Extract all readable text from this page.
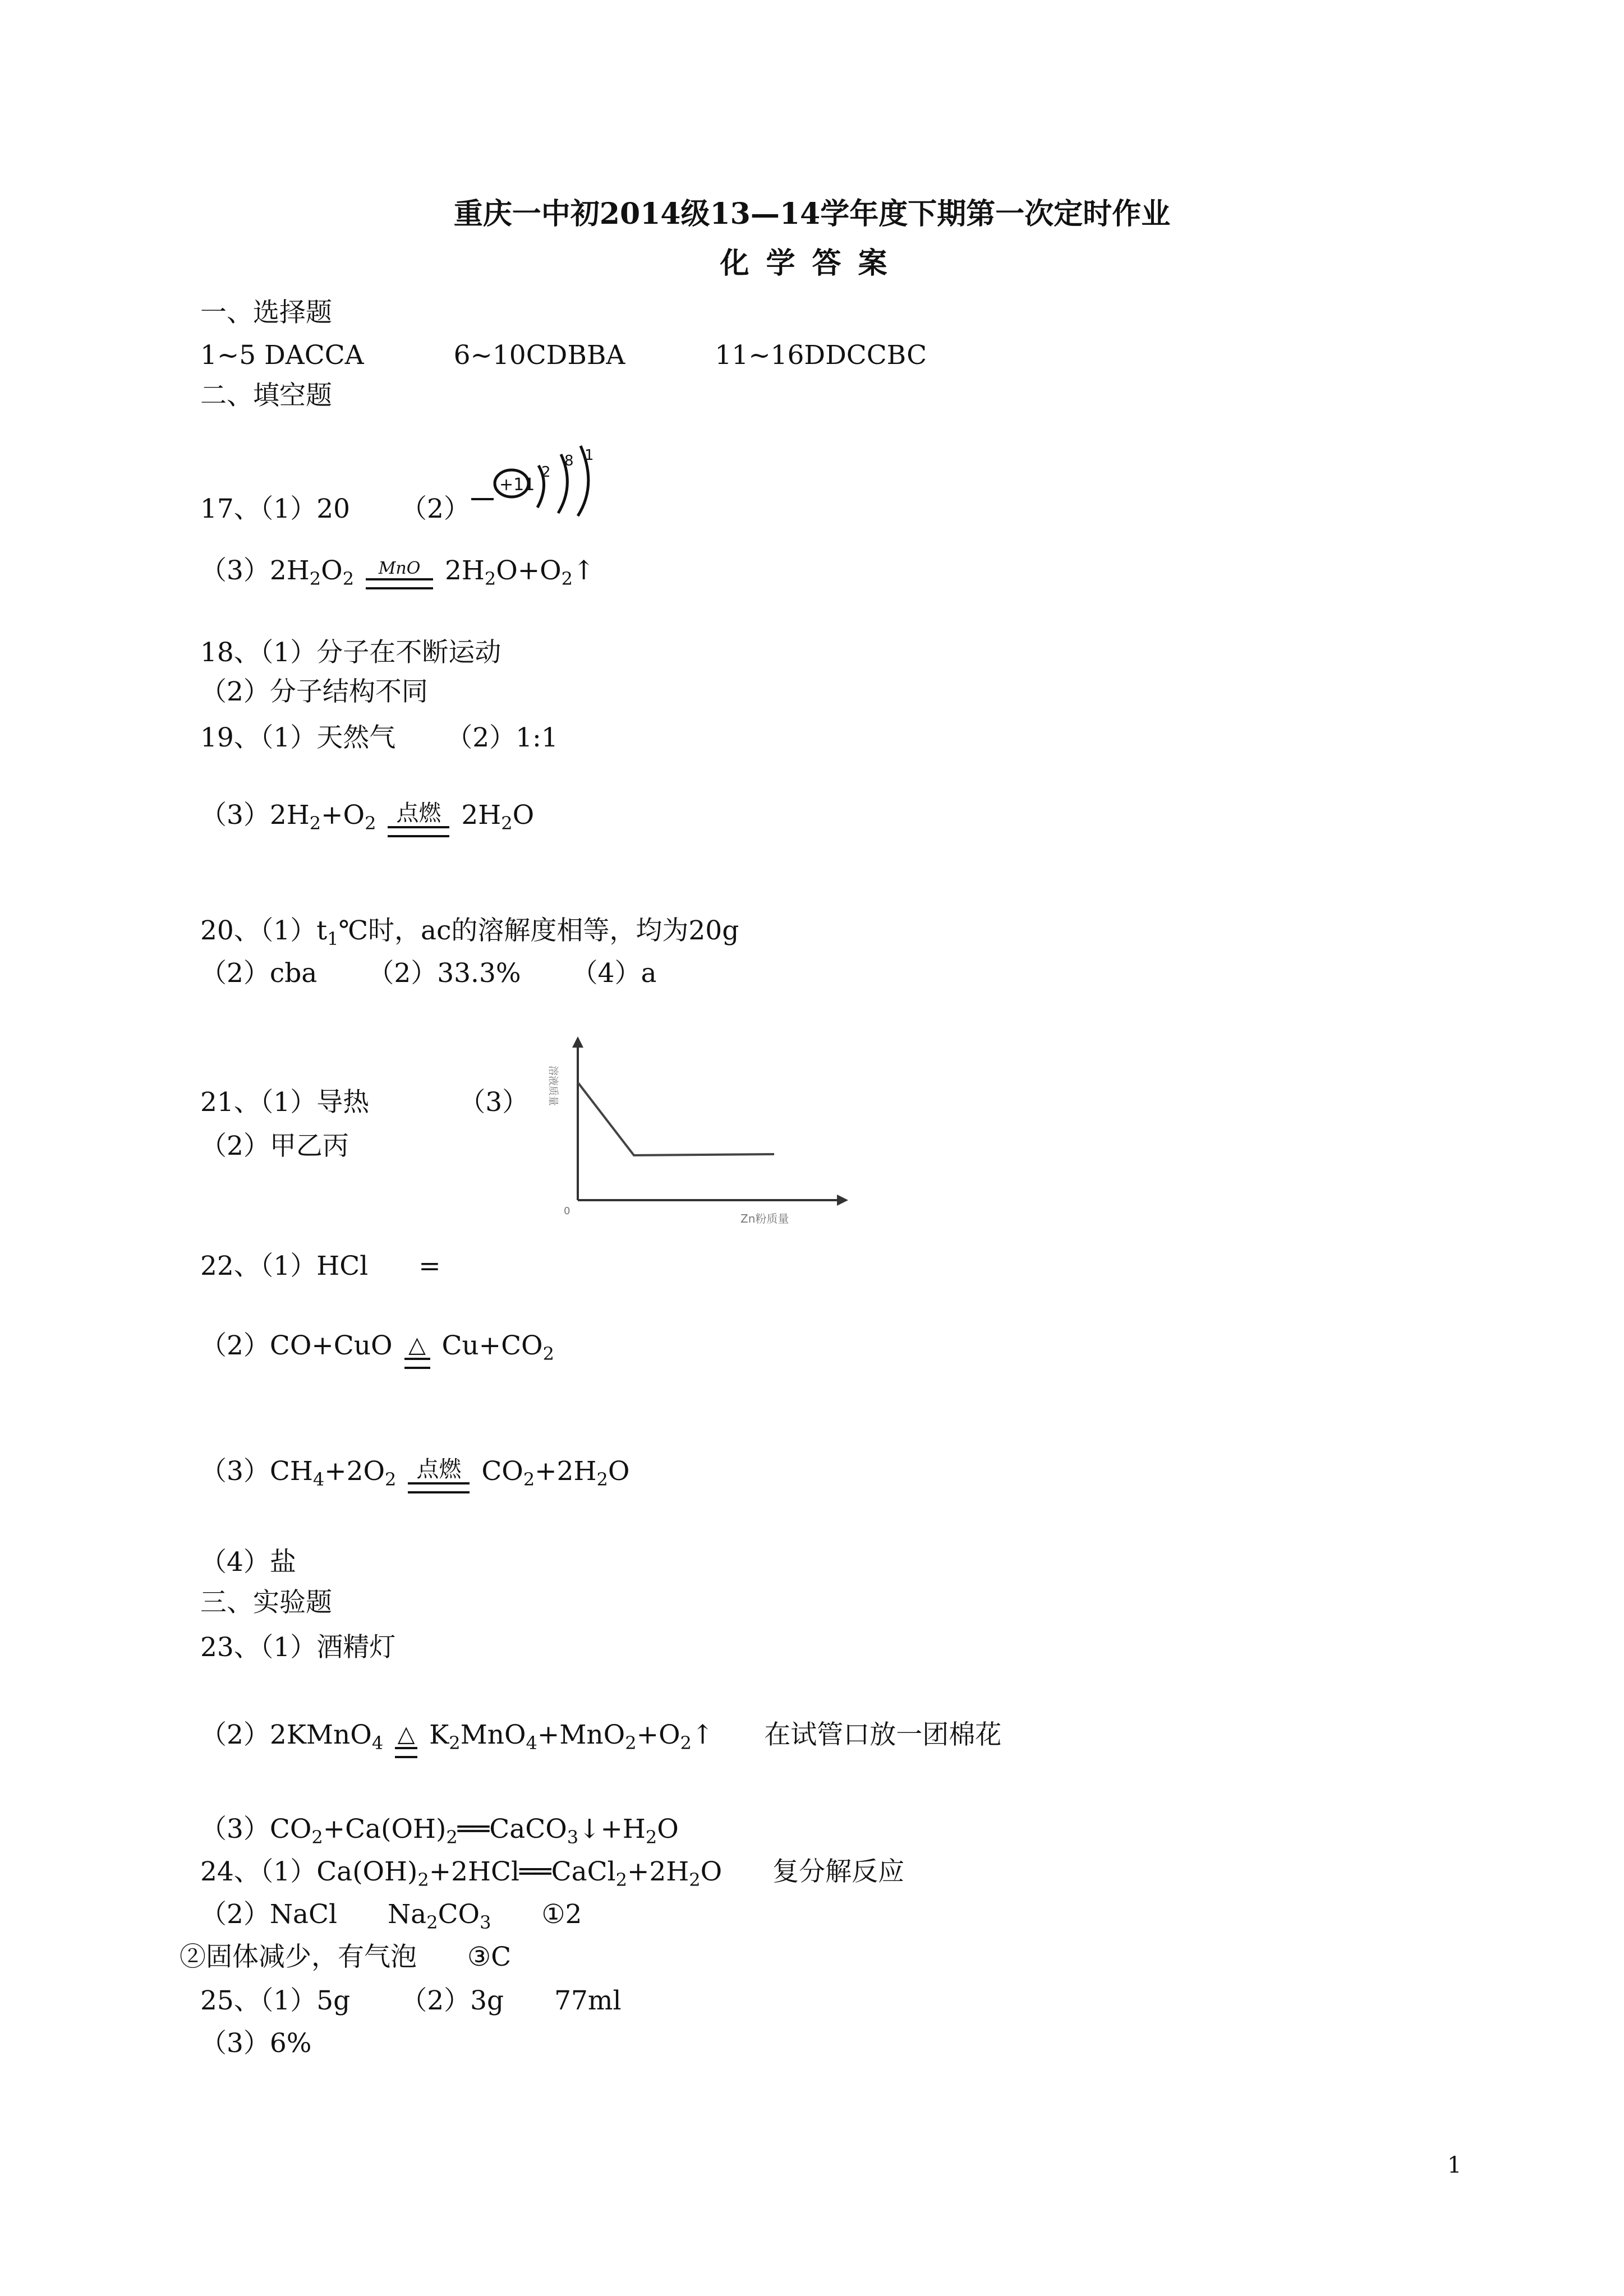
重庆一中初2014级13—14学年度下期第一次定时作业
化学答案
一、选择题
1~5 DACCA	6~10CDBBA	11~16DDCCBC
二、填空题
17、（1）20 （2）
+11
2
8 1
$(3)2H_2O_2$	MnO $2H_2O+O_2↑$
18、（1）分子在不断运动
（2）分子结构不同
19、（1）天然气 （2）1:1
$(3)2H_2+O_2$ 点燃 $2H_2O$
20、$(1)t_1℃$时，ac的溶解度相等，均为20g
（2）cba （2）33.3% （4）a
21、（1）导热	（3）
（2）甲乙丙
溶液质量
Zn粉质量
0
22、（1）HCl =
（2）CO+CuO △ $Cu+CO_2$
$(3)CH_4+2O_2$ 点燃 $CO_2+2H_2O$
（4）盐
三、实验题
23、（1）酒精灯
（2）2KMnO$_4$ △ $K_2MnO_4+MnO_2+O_2↑$ 在试管口放一团棉花
$(3)CO_2+Ca(OH)_2══CaCO_3↓+H_2O$
24、$(1)Ca(OH)_2+2HCl══CaCl_2+2H_2O$ 复分解反应
（2）NaCl $Na_2CO_3$ ①2
②固体减少，有气泡 ③C
25、（1）5g （2）3g 77ml
（3）6%
1
